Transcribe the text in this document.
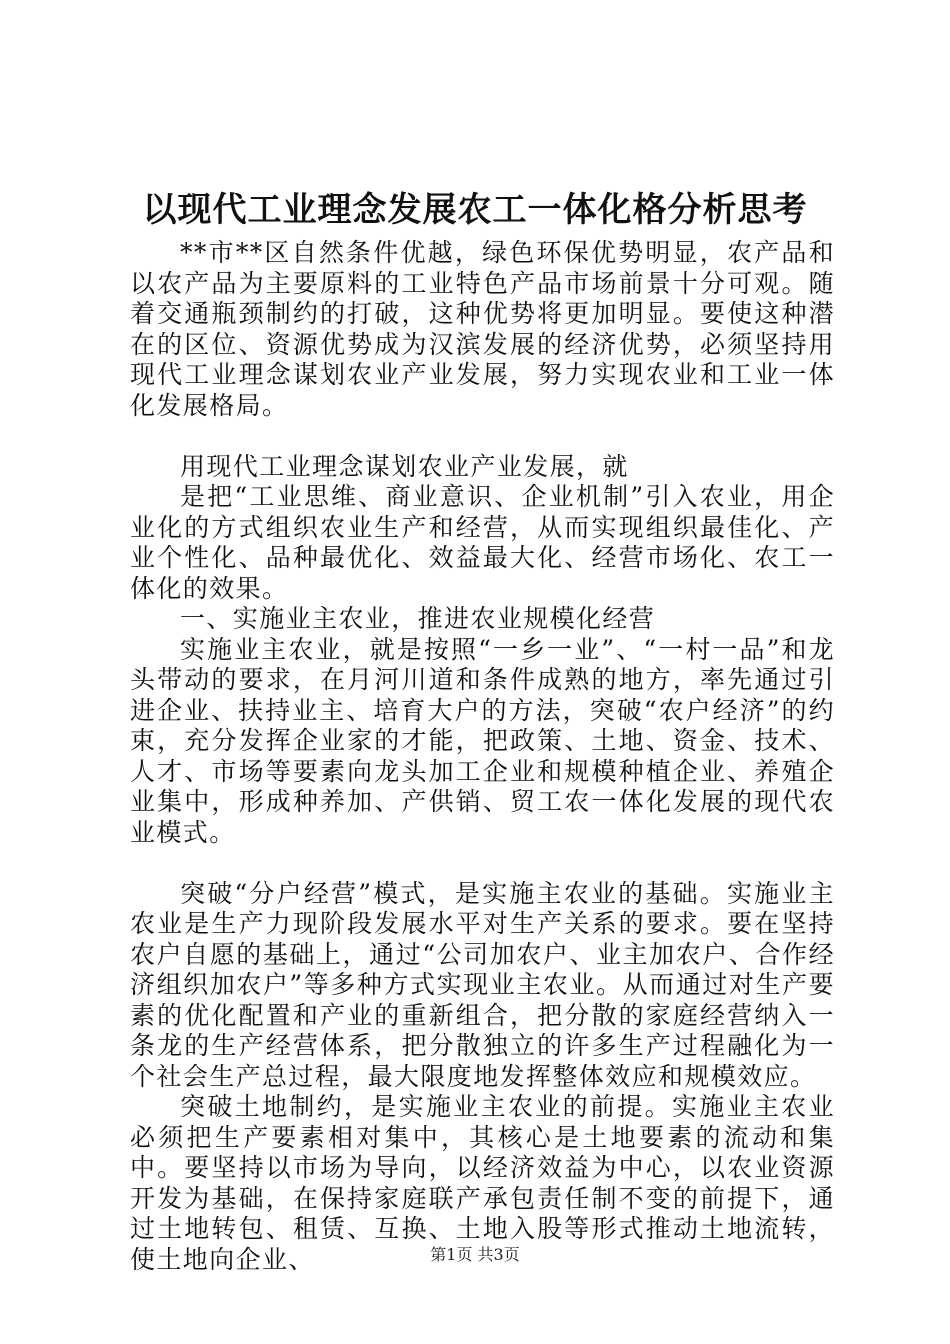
以现代工业理念发展农工一体化格分析思考

**市**区自然条件优越，绿色环保优势明显，农产品和以农产品为主要原料的工业特色产品市场前景十分可观。随着交通瓶颈制约的打破，这种优势将更加明显。要使这种潜在的区位、资源优势成为汉滨发展的经济优势，必须坚持用现代工业理念谋划农业产业发展，努力实现农业和工业一体化发展格局。

用现代工业理念谋划农业产业发展，就

是把“工业思维、商业意识、企业机制”引入农业，用企业化的方式组织农业生产和经营，从而实现组织最佳化、产业个性化、品种最优化、效益最大化、经营市场化、农工一体化的效果。

一、实施业主农业，推进农业规模化经营

实施业主农业，就是按照“一乡一业”、“一村一品”和龙头带动的要求，在月河川道和条件成熟的地方，率先通过引进企业、扶持业主、培育大户的方法，突破“农户经济”的约束，充分发挥企业家的才能，把政策、土地、资金、技术、人才、市场等要素向龙头加工企业和规模种植企业、养殖企业集中，形成种养加、产供销、贸工农一体化发展的现代农业模式。

突破“分户经营”模式，是实施主农业的基础。实施业主农业是生产力现阶段发展水平对生产关系的要求。要在坚持农户自愿的基础上，通过“公司加农户、业主加农户、合作经济组织加农户”等多种方式实现业主农业。从而通过对生产要素的优化配置和产业的重新组合，把分散的家庭经营纳入一条龙的生产经营体系，把分散独立的许多生产过程融化为一个社会生产总过程，最大限度地发挥整体效应和规模效应。

突破土地制约，是实施业主农业的前提。实施业主农业必须把生产要素相对集中，其核心是土地要素的流动和集中。要坚持以市场为导向，以经济效益为中心，以农业资源开发为基础，在保持家庭联产承包责任制不变的前提下，通过土地转包、租赁、互换、土地入股等形式推动土地流转，使土地向企业、	第1页 共3页
